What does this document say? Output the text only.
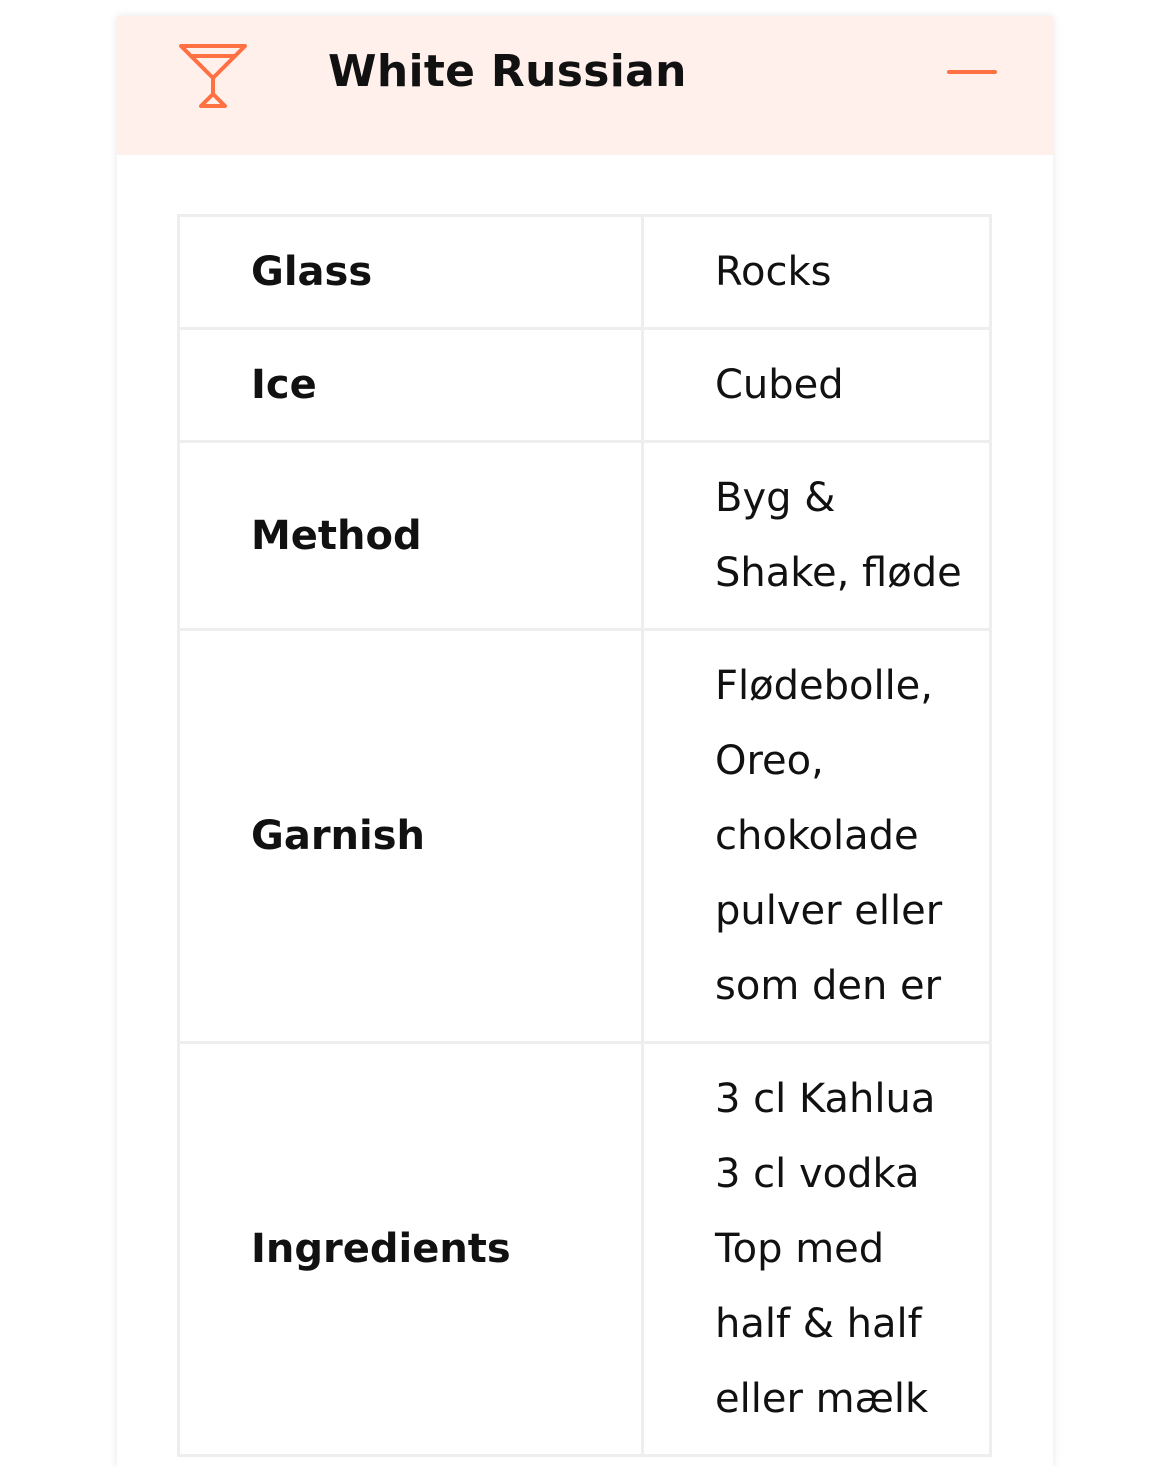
White Russian
Glass	Rocks

Ice	Cubed

Method	Byg &
Shake, fløde

Garnish	Flødebolle,
Oreo,
chokolade
pulver eller
som den er

Ingredients	3 cl Kahlua
3 cl vodka
Top med
half & half
eller mælk
